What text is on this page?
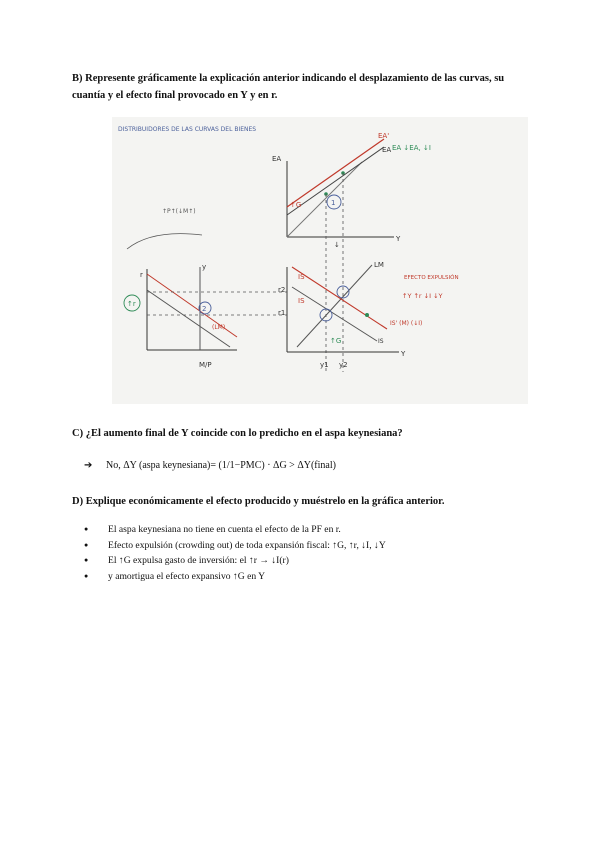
B) Represente gráficamente la explicación anterior indicando el desplazamiento de las curvas, su
cuantía y el efecto final provocado en Y y en r.
DISTRIBUIDORES DE LAS CURVAS DEL BIENES
EA
Y
EA'
EA EA ↓EA, ↓I
↑G	1
↓
↑P↑(↓M↑)
r
y
2
(LM)
M/P
↑r
r1
r2
Y
y1 y2
LM
IS
IS
IS' (M) (↓I)
IS
↑G
EFECTO EXPULSIÓN
↑Y ↑r ↓I ↓Y
C) ¿El aumento final de Y coincide con lo predicho en el aspa keynesiana?
➔ No, ΔY (aspa keynesiana)= (1/1−PMC) · ΔG > ΔY(final)
D) Explique económicamente el efecto producido y muéstrelo en la gráfica anterior.
● El aspa keynesiana no tiene en cuenta el efecto de la PF en r.
● Efecto expulsión (crowding out) de toda expansión fiscal: ↑G, ↑r, ↓I, ↓Y
● El ↑G expulsa gasto de inversión: el ↑r → ↓I(r)
● y amortigua el efecto expansivo ↑G en Y
